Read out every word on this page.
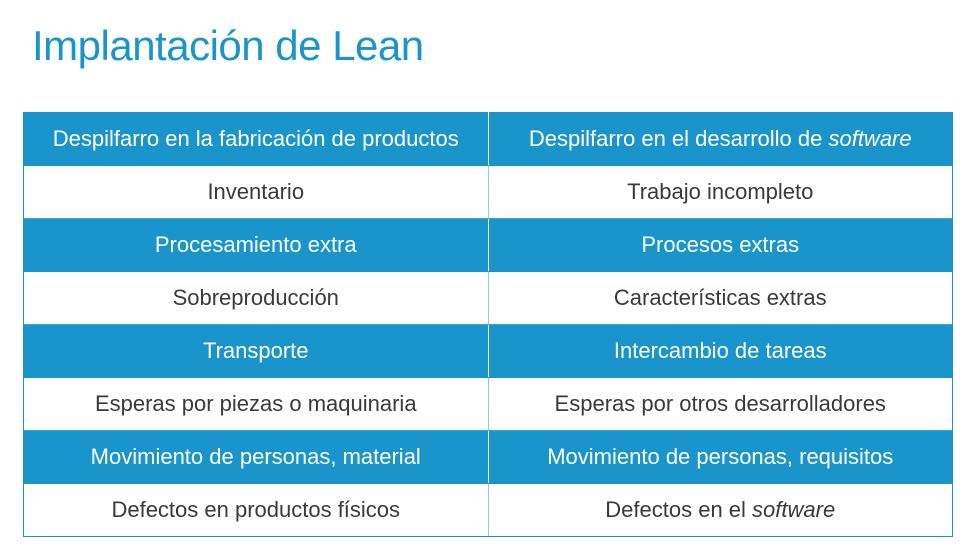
Implantación de Lean
Despilfarro en la fabricación de productos	Despilfarro en el desarrollo de software
Inventario	Trabajo incompleto
Procesamiento extra	Procesos extras
Sobreproducción	Características extras
Transporte	Intercambio de tareas
Esperas por piezas o maquinaria	Esperas por otros desarrolladores
Movimiento de personas, material	Movimiento de personas, requisitos
Defectos en productos físicos	Defectos en el software
